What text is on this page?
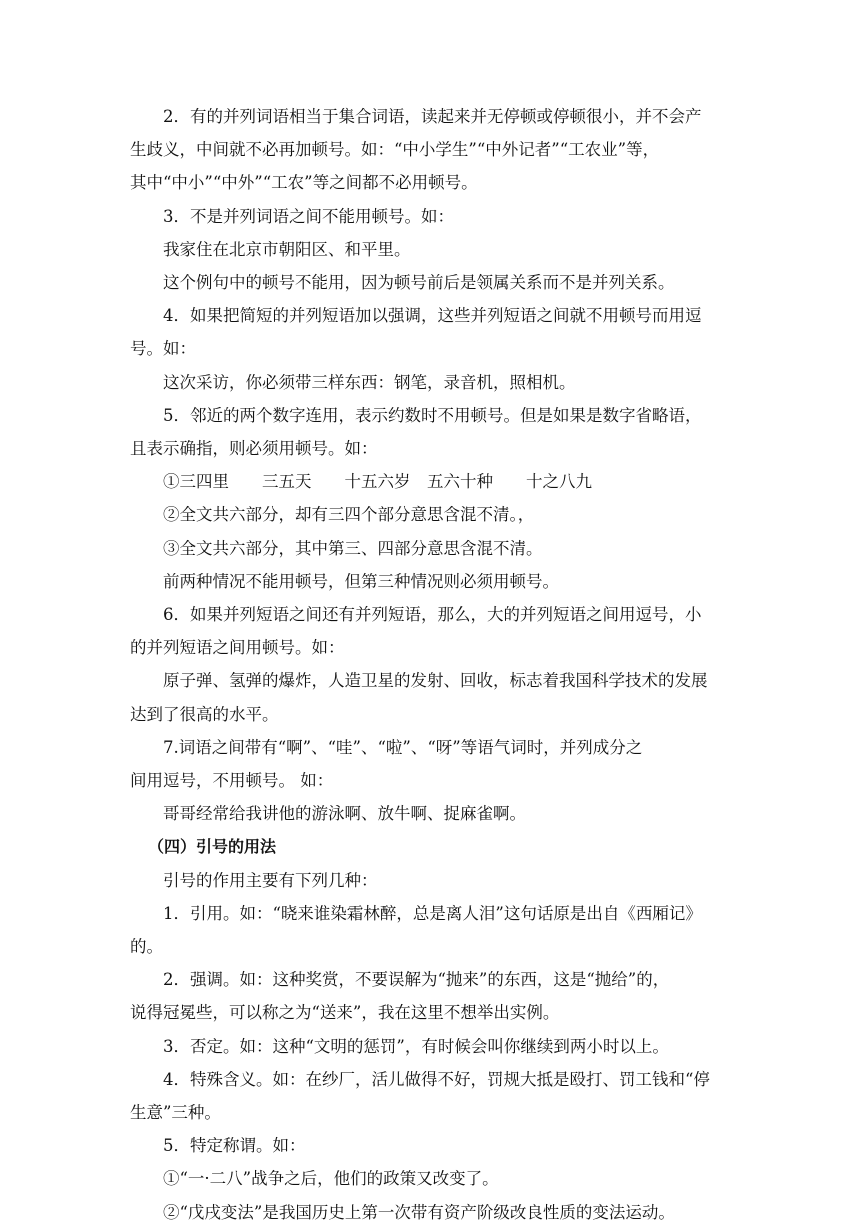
2．有的并列词语相当于集合词语，读起来并无停顿或停顿很小，并不会产
生歧义，中间就不必再加顿号。如：“中小学生”“中外记者”“工农业”等，
其中“中小”“中外”“工农”等之间都不必用顿号。
3．不是并列词语之间不能用顿号。如：
我家住在北京市朝阳区、和平里。
这个例句中的顿号不能用，因为顿号前后是领属关系而不是并列关系。
4．如果把简短的并列短语加以强调，这些并列短语之间就不用顿号而用逗
号。如：
这次采访，你必须带三样东西：钢笔，录音机，照相机。
5．邻近的两个数字连用，表示约数时不用顿号。但是如果是数字省略语，
且表示确指，则必须用顿号。如：
①三四里　　三五天　　十五六岁　五六十种　　十之八九
②全文共六部分，却有三四个部分意思含混不清。，
③全文共六部分，其中第三、四部分意思含混不清。
前两种情况不能用顿号，但第三种情况则必须用顿号。
6．如果并列短语之间还有并列短语，那么，大的并列短语之间用逗号，小
的并列短语之间用顿号。如：
原子弹、氢弹的爆炸，人造卫星的发射、回收，标志着我国科学技术的发展
达到了很高的水平。
7.词语之间带有“啊”、“哇”、“啦”、“呀”等语气词时，并列成分之
间用逗号，不用顿号。 如：
哥哥经常给我讲他的游泳啊、放牛啊、捉麻雀啊。
（四）引号的用法
引号的作用主要有下列几种：
1．引用。如：“晓来谁染霜林醉，总是离人泪”这句话原是出自《西厢记》
的。
2．强调。如：这种奖赏，不要误解为“抛来”的东西，这是“抛给”的，
说得冠冕些，可以称之为“送来”，我在这里不想举出实例。
3．否定。如：这种“文明的惩罚”，有时候会叫你继续到两小时以上。
4．特殊含义。如：在纱厂，活儿做得不好，罚规大抵是殴打、罚工钱和“停
生意”三种。
5．特定称谓。如：
①“一·二八”战争之后，他们的政策又改变了。
②“戊戌变法”是我国历史上第一次带有资产阶级改良性质的变法运动。
